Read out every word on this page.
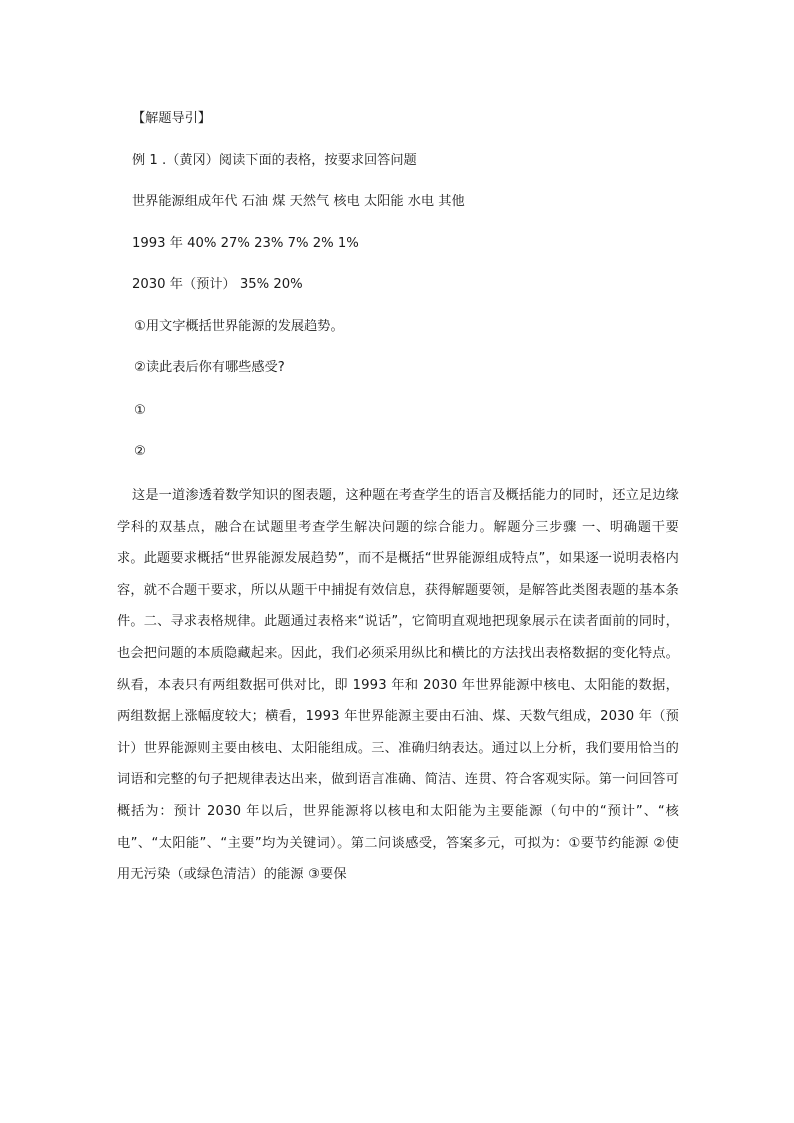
【解题导引】
例 1 .（黄冈）阅读下面的表格，按要求回答问题
世界能源组成年代 石油 煤 天然气 核电 太阳能 水电 其他
1993 年 40% 27% 23% 7% 2% 1%
2030 年（预计） 35% 20%
①用文字概括世界能源的发展趋势。
②读此表后你有哪些感受?
①
②
这是一道渗透着数学知识的图表题，这种题在考查学生的语言及概括能力的同时，还立足边缘学科的双基点，融合在试题里考查学生解决问题的综合能力。解题分三步骤 一、明确题干要求。此题要求概括“世界能源发展趋势”，而不是概括“世界能源组成特点”，如果逐一说明表格内容，就不合题干要求，所以从题干中捕捉有效信息，获得解题要领，是解答此类图表题的基本条件。二、寻求表格规律。此题通过表格来“说话”，它简明直观地把现象展示在读者面前的同时，也会把问题的本质隐藏起来。因此，我们必须采用纵比和横比的方法找出表格数据的变化特点。纵看，本表只有两组数据可供对比，即 1993 年和 2030 年世界能源中核电、太阳能的数据，两组数据上涨幅度较大；横看，1993 年世界能源主要由石油、煤、天数气组成，2030 年（预计）世界能源则主要由核电、太阳能组成。三、准确归纳表达。通过以上分析，我们要用恰当的词语和完整的句子把规律表达出来，做到语言准确、简洁、连贯、符合客观实际。第一问回答可概括为：预计 2030 年以后，世界能源将以核电和太阳能为主要能源（句中的“预计”、“核电”、“太阳能”、“主要”均为关键词）。第二问谈感受，答案多元，可拟为：①要节约能源 ②使用无污染（或绿色清洁）的能源 ③要保
